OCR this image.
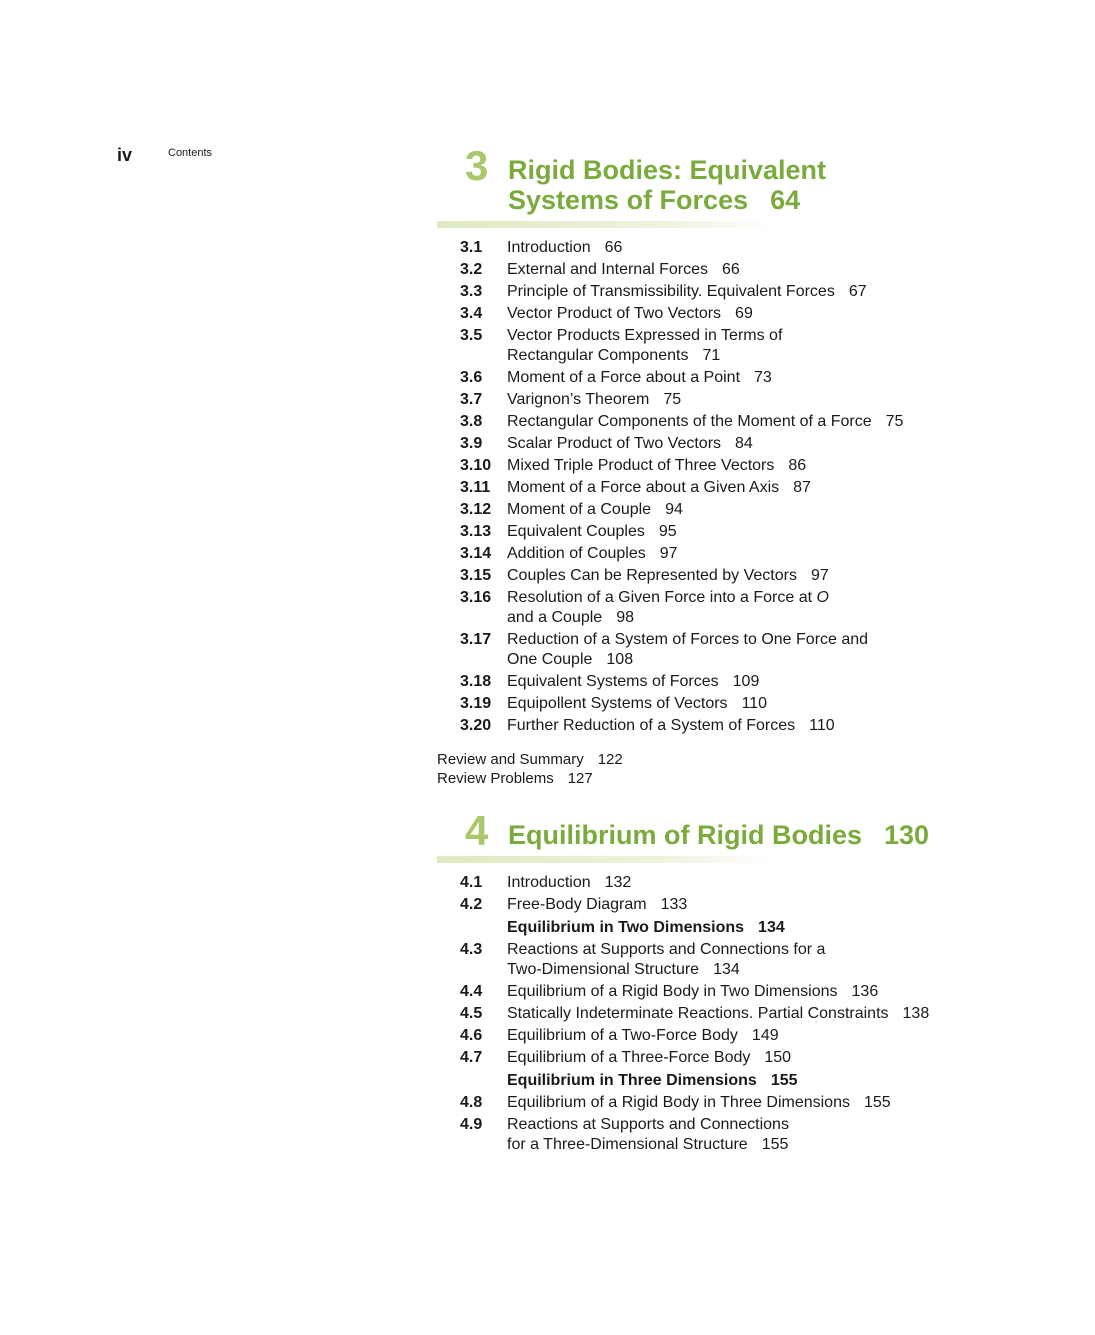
iv	Contents	3 Rigid Bodies: Equivalent
Systems of Forces 64
3.1	Introduction 66
3.2	External and Internal Forces 66
3.3	Principle of Transmissibility. Equivalent Forces 67
3.4	Vector Product of Two Vectors 69
3.5	Vector Products Expressed in Terms of
Rectangular Components 71
3.6	Moment of a Force about a Point 73
3.7	Varignon’s Theorem 75
3.8	Rectangular Components of the Moment of a Force 75
3.9	Scalar Product of Two Vectors 84
3.10 Mixed Triple Product of Three Vectors 86
3.11	Moment of a Force about a Given Axis 87
3.12 Moment of a Couple 94
3.13 Equivalent Couples 95
3.14 Addition of Couples 97
3.15 Couples Can be Represented by Vectors 97
3.16 Resolution of a Given Force into a Force at O
and a Couple 98
3.17 Reduction of a System of Forces to One Force and
One Couple 108
3.18 Equivalent Systems of Forces 109
3.19 Equipollent Systems of Vectors 110
3.20 Further Reduction of a System of Forces 110
Review and Summary 122
Review Problems 127
4 Equilibrium of Rigid Bodies 130
4.1	Introduction 132
4.2	Free-Body Diagram 133
Equilibrium in Two Dimensions 134
4.3	Reactions at Supports and Connections for a
Two-Dimensional Structure 134
4.4	Equilibrium of a Rigid Body in Two Dimensions 136
4.5	Statically Indeterminate Reactions. Partial Constraints 138
4.6	Equilibrium of a Two-Force Body 149
4.7	Equilibrium of a Three-Force Body 150
Equilibrium in Three Dimensions 155
4.8	Equilibrium of a Rigid Body in Three Dimensions 155
4.9	Reactions at Supports and Connections
for a Three-Dimensional Structure 155
